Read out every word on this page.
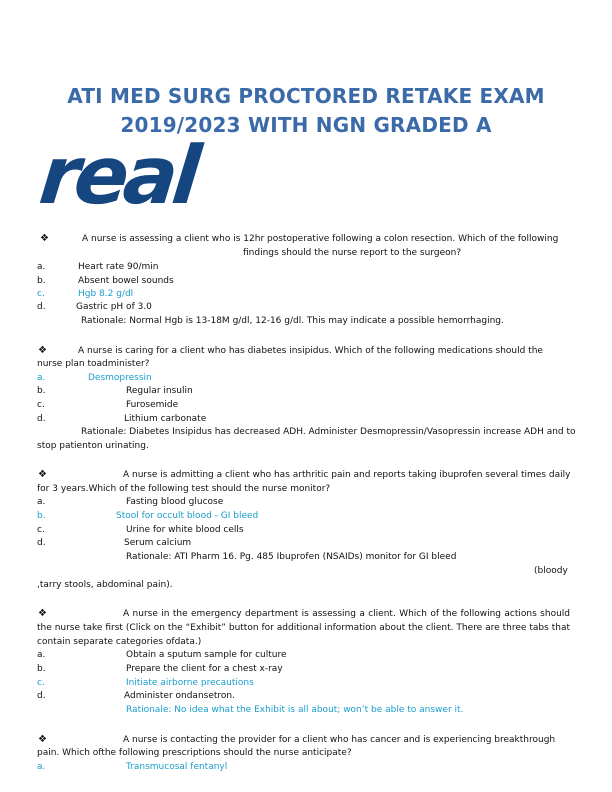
ATI MED SURG PROCTORED RETAKE EXAM
2019/2023 WITH NGN GRADED A
real
❖	A nurse is assessing a client who is 12hr postoperative following a colon resection. Which of the following
findings should the nurse report to the surgeon?
a.	Heart rate 90/min
b.	Absent bowel sounds
c.	Hgb 8.2 g/dl
d.	Gastric pH of 3.0
Rationale: Normal Hgb is 13-18M g/dl, 12-16 g/dl. This may indicate a possible hemorrhaging.
❖	A nurse is caring for a client who has diabetes insipidus. Which of the following medications should the
nurse plan toadminister?
a.	Desmopressin
b.	Regular insulin
c.	Furosemide
d.	Lithium carbonate
Rationale: Diabetes Insipidus has decreased ADH. Administer Desmopressin/Vasopressin increase ADH and to
stop patienton urinating.
❖	A nurse is admitting a client who has arthritic pain and reports taking ibuprofen several times daily
for 3 years.Which of the following test should the nurse monitor?
a.	Fasting blood glucose
b.	Stool for occult blood - GI bleed
c.	Urine for white blood cells
d.	Serum calcium
Rationale: ATI Pharm 16. Pg. 485 Ibuprofen (NSAIDs) monitor for GI bleed
(bloody
,tarry stools, abdominal pain).
❖	A nurse in the emergency department is assessing a client. Which of the following actions should
the nurse take first (Click on the “Exhibit” button for additional information about the client. There are three tabs that
contain separate categories ofdata.)
a.	Obtain a sputum sample for culture
b.	Prepare the client for a chest x-ray
c.	Initiate airborne precautions
d.	Administer ondansetron.
Rationale: No idea what the Exhibit is all about; won’t be able to answer it.
❖	A nurse is contacting the provider for a client who has cancer and is experiencing breakthrough
pain. Which ofthe following prescriptions should the nurse anticipate?
a.	Transmucosal fentanyl
